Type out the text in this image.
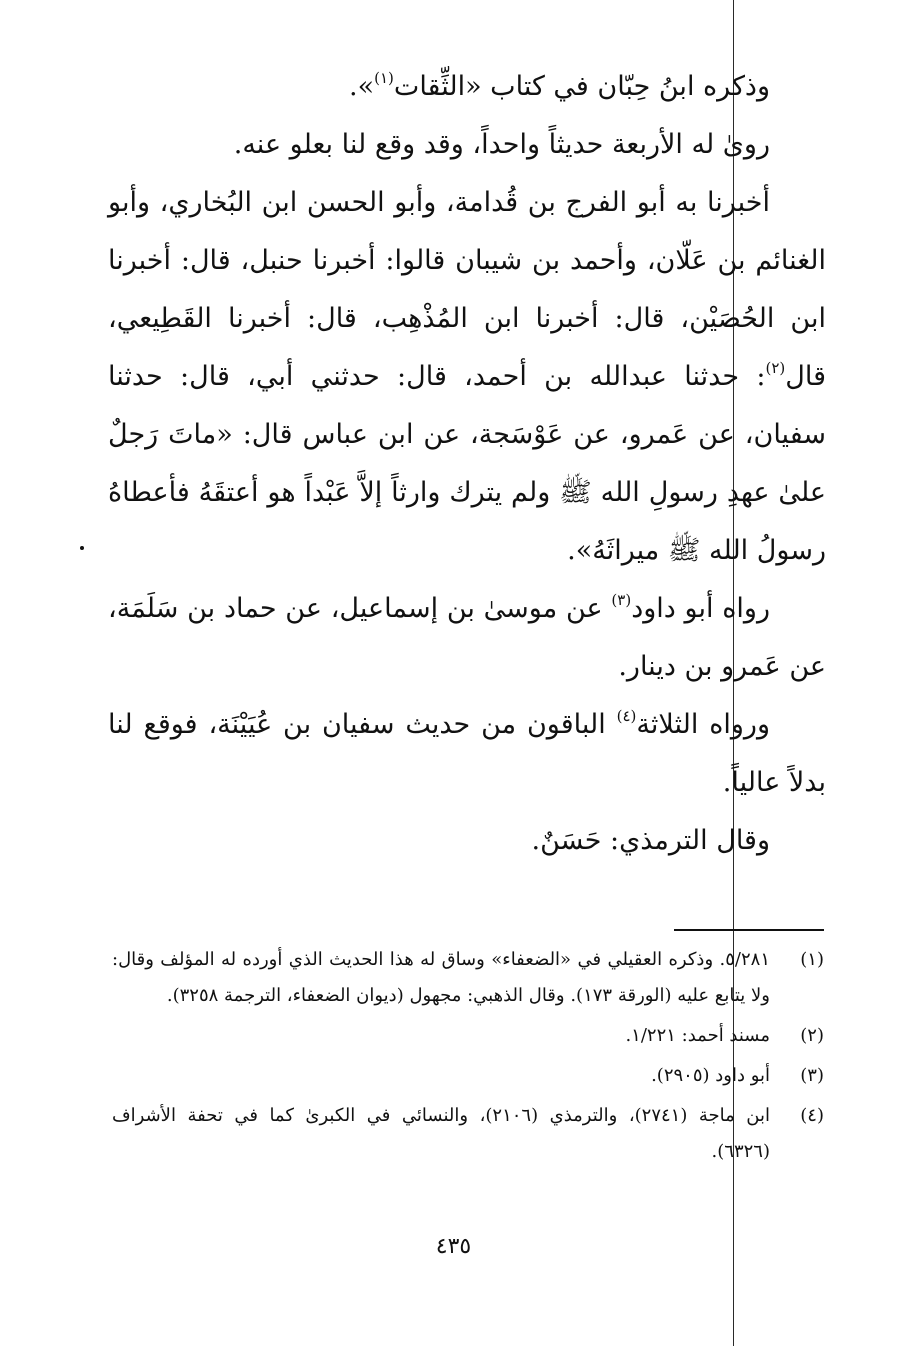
وذكره ابنُ حِبّان في كتاب «الثِّقات$^{(١)}$».

روىٰ له الأربعة حديثاً واحداً، وقد وقع لنا بعلو عنه.

أخبرنا به أبو الفرج بن قُدامة، وأبو الحسن ابن البُخاري، وأبو الغنائم بن عَلّان، وأحمد بن شيبان قالوا: أخبرنا حنبل، قال: أخبرنا ابن الحُصَيْن، قال: أخبرنا ابن المُذْهِب، قال: أخبرنا القَطِيعي، قال$^{(٢)}$: حدثنا عبدالله بن أحمد، قال: حدثني أبي، قال: حدثنا سفيان، عن عَمرو، عن عَوْسَجة، عن ابن عباس قال: «ماتَ رَجلٌ علىٰ عهدِ رسولِ الله ﷺ ولم يترك وارثاً إلاَّ عَبْداً هو أعتقَهُ فأعطاهُ رسولُ الله ﷺ ميراثَهُ».

رواه أبو داود$^{(٣)}$ عن موسىٰ بن إسماعيل، عن حماد بن سَلَمَة، عن عَمرو بن دينار.

ورواه الثلاثة$^{(٤)}$ الباقون من حديث سفيان بن عُيَيْنَة، فوقع لنا بدلاً عالياً.

وقال الترمذي: حَسَنٌ.

(١)
٥/٢٨١. وذكره العقيلي في «الضعفاء» وساق له هذا الحديث الذي أورده له المؤلف وقال: ولا يتابع عليه (الورقة ١٧٣). وقال الذهبي: مجهول (ديوان الضعفاء، الترجمة ٣٢٥٨).
(٢)
مسند أحمد: ١/٢٢١.
(٣)
أبو داود (٢٩٠٥).
(٤)
ابن ماجة (٢٧٤١)، والترمذي (٢١٠٦)، والنسائي في الكبرىٰ كما في تحفة الأشراف (٦٣٢٦).
٤٣٥
